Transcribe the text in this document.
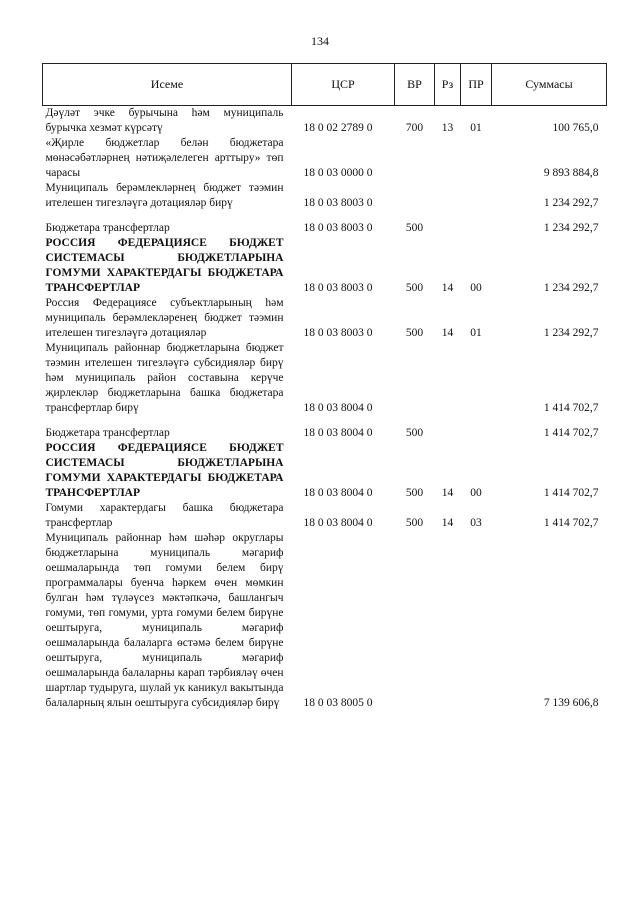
134
Исеме	ЦСР	ВР	Рз	ПР	Суммасы
Дәүләт эчке бурычына һәм муниципаль бурычка хезмәт күрсәтү	18 0 02 2789 0	700	13	01	100 765,0
«Җирле бюджетлар белән бюджетара мөнәсәбәтләрнең нәтиҗәлелеген арттыру» төп чарасы	18 0 03 0000 0				9 893 884,8
Муниципаль берәмлекләрнең бюджет тәэмин ителешен тигезләүгә дотацияләр бирү	18 0 03 8003 0				1 234 292,7
Бюджетара трансфертлар	18 0 03 8003 0	500			1 234 292,7
РОССИЯ ФЕДЕРАЦИЯСЕ БЮДЖЕТ СИСТЕМАСЫ БЮДЖЕТЛАРЫНА ГОМУМИ ХАРАКТЕРДАГЫ БЮДЖЕТАРА ТРАНСФЕРТЛАР	18 0 03 8003 0	500	14	00	1 234 292,7
Россия Федерациясе субъектларының һәм муниципаль берәмлекләренең бюджет тәэмин ителешен тигезләүгә дотацияләр	18 0 03 8003 0	500	14	01	1 234 292,7
Муниципаль районнар бюджетларына бюджет тәэмин ителешен тигезләүгә субсидияләр бирү һәм муниципаль район составына керүче җирлекләр бюджетларына башка бюджетара трансфертлар бирү	18 0 03 8004 0				1 414 702,7
Бюджетара трансфертлар	18 0 03 8004 0	500			1 414 702,7
РОССИЯ ФЕДЕРАЦИЯСЕ БЮДЖЕТ СИСТЕМАСЫ БЮДЖЕТЛАРЫНА ГОМУМИ ХАРАКТЕРДАГЫ БЮДЖЕТАРА ТРАНСФЕРТЛАР	18 0 03 8004 0	500	14	00	1 414 702,7
Гомуми характердагы башка бюджетара трансфертлар	18 0 03 8004 0	500	14	03	1 414 702,7
Муниципаль районнар һәм шәһәр округлары бюджетларына муниципаль мәгариф оешмаларында төп гомуми белем бирү программалары буенча һәркем өчен мөмкин булган һәм түләүсез мәктәпкәчә, башлангыч гомуми, төп гомуми, урта гомуми белем бирүне оештыруга, муниципаль мәгариф оешмаларында балаларга өстәмә белем бирүне оештыруга, муниципаль мәгариф оешмаларында балаларны карап тәрбияләү өчен шартлар тудыруга, шулай ук каникул вакытында балаларның ялын оештыруга субсидияләр бирү	18 0 03 8005 0				7 139 606,8
